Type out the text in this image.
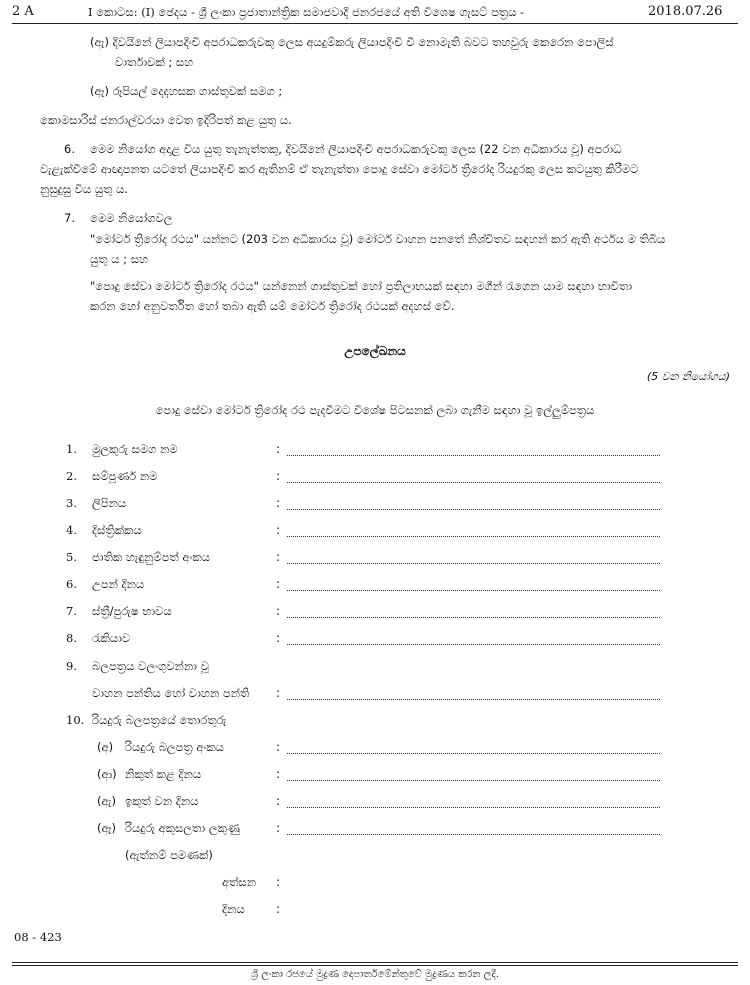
2 A	I කොටස: (I) ඡෙදය - ශ්‍රී ලංකා ප්‍රජාතාන්ත්‍රික සමාජවාදී ජනරජයේ අති විශෙෂ ගැසට් පත්‍රය -	2018.07.26
(ඇ) දිවයිනේ ලියාපදිංචි අපරාධකරුවකු ලෙස අයදුම්කරු ලියාපදිංචි වී නොමැති බවට තහවුරු කෙරෙන පොලිස්
වාර්තාවක් ; සහ
(ඈ) රූපියල් දෙදහසක ගාස්තුවක් සමග ;
කොමසාරිස් ජනරාල්වරයා වෙත ඉදිරිපත් කළ යුතු ය.
6. මෙම නියෝග අදාළ විය යුතු තැනැත්තකු, දිවයිනේ ලියාපදිංචි අපරාධකරුවකු ලෙස (22 වන අධිකාරය වූ) අපරාධ
වැළැක්වීමේ ආඥාපනත යටතේ ලියාපදිංචි කර ඇතිනම් ඒ තැනැත්තා පොදු සේවා මෝටර් ත්‍රිරෝද රියදුරකු ලෙස කටයුතු කිරීමට
නුසුදුසු විය යුතු ය.
7. මෙම නියෝගවල
"මෝටර් ත්‍රිරෝද රථය" යන්නට (203 වන අධිකාරය වූ) මෝටර් වාහන පනතේ නිශ්චිතව සඳහන් කර ඇති අර්ථය ම තිබිය
යුතු ය ; සහ
"පොදු සේවා මෝටර් ත්‍රිරෝද රථය" යන්නෙන් ගාස්තුවක් හෝ ප්‍රතිලාභයක් සඳහා මගීන් රැගෙන යාම සඳහා භාවිතා
කරන හෝ අනුවර්තිත හෝ තබා ඇති යම් මෝටර් ත්‍රිරෝද රථයක් අදහස් වේ.
උපලේඛනය
(5 වන නියෝගය)
පොදු සේවා මෝටර් ත්‍රිරෝද රථ පැදවීමට විශේෂ පිටසනක් ලබා ගැනීම සඳහා වූ ඉල්ලුම්පත්‍රය
1. මුලකුරු සමග නම	:
2. සම්පූර්ණ නම	:
3. ලිපිනය	:
4. දිස්ත්‍රික්කය	:
5. ජාතික හැඳුනුම්පත් අංකය	:
6. උපන් දිනය	:
7. ස්ත්‍රී/පුරුෂ භාවය	:
8. රැකියාව	:
9. බලපත්‍රය වලංගුවන්නා වූ
වාහන පන්තිය හෝ වාහන පන්ති :
10. රියදුරු බලපත්‍රයේ තොරතුරු
(අ) රියදුරු බලපත්‍ර අංකය	:
(ආ) නිකුත් කළ දිනය	:
(ඇ) ඉකුත් වන දිනය	:
(ඈ) රියදුරු අකුසලතා ලකුණු	:
(ඇත්නම් පමණක්)
අත්සන :
දිනය	:
08 - 423
ශ්‍රී ලංකා රජයේ මුද්‍රණ දෙපාර්තමේන්තුවේ මුද්‍රණය කරන ලදී.
